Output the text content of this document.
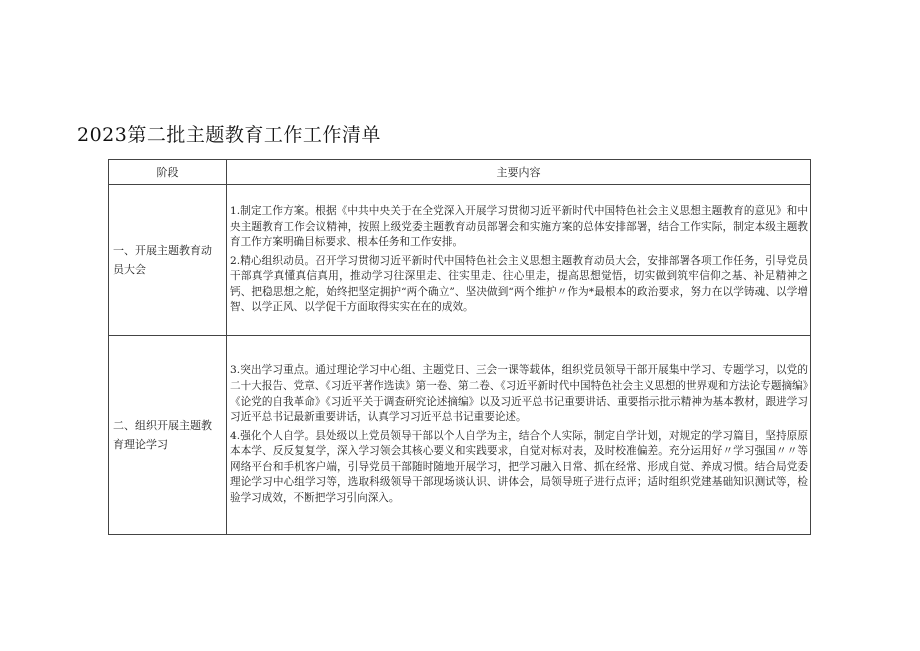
2023第二批主题教育工作工作清单
阶段	主要内容
一、开展主题教育动员大会	1.制定工作方案。根据《中共中央关于在全党深入开展学习贯彻习近平新时代中国特色社会主义思想主题教育的意见》和中央主题教育工作会议精神，按照上级党委主题教育动员部署会和实施方案的总体安排部署，结合工作实际，制定本级主题教育工作方案明确目标要求、根本任务和工作安排。

2.精心组织动员。召开学习贯彻习近平新时代中国特色社会主义思想主题教育动员大会，安排部署各项工作任务，引导党员干部真学真懂真信真用，推动学习往深里走、往实里走、往心里走，提高思想觉悟，切实做到筑牢信仰之基、补足精神之钙、把稳思想之舵，始终把坚定拥护“两个确立”、坚决做到“两个维护〃作为*最根本的政治要求，努力在以学铸魂、以学增智、以学正风、以学促干方面取得实实在在的成效。

二、组织开展主题教育理论学习	3.突出学习重点。通过理论学习中心组、主题党日、三会一课等载体，组织党员领导干部开展集中学习、专题学习，以党的二十大报告、党章、《习近平著作选读》第一卷、第二卷、《习近平新时代中国特色社会主义思想的世界观和方法论专题摘编》《论党的自我革命》《习近平关于调查研究论述摘编》以及习近平总书记重要讲话、重要指示批示精神为基本教材，跟进学习习近平总书记最新重要讲话，认真学习习近平总书记重要论述。

4.强化个人自学。县处级以上党员领导干部以个人自学为主，结合个人实际，制定自学计划，对规定的学习篇目，坚持原原本本学、反反复复学，深入学习领会其核心要义和实践要求，自觉对标对表，及时校准偏差。充分运用好〃学习强国〃〃等网络平台和手机客户端，引导党员干部随时随地开展学习，把学习融入日常、抓在经常、形成自觉、养成习惯。结合局党委理论学习中心组学习等，选取科级领导干部现场谈认识、讲体会，局领导班子进行点评；适时组织党建基础知识测试等，检验学习成效，不断把学习引向深入。
